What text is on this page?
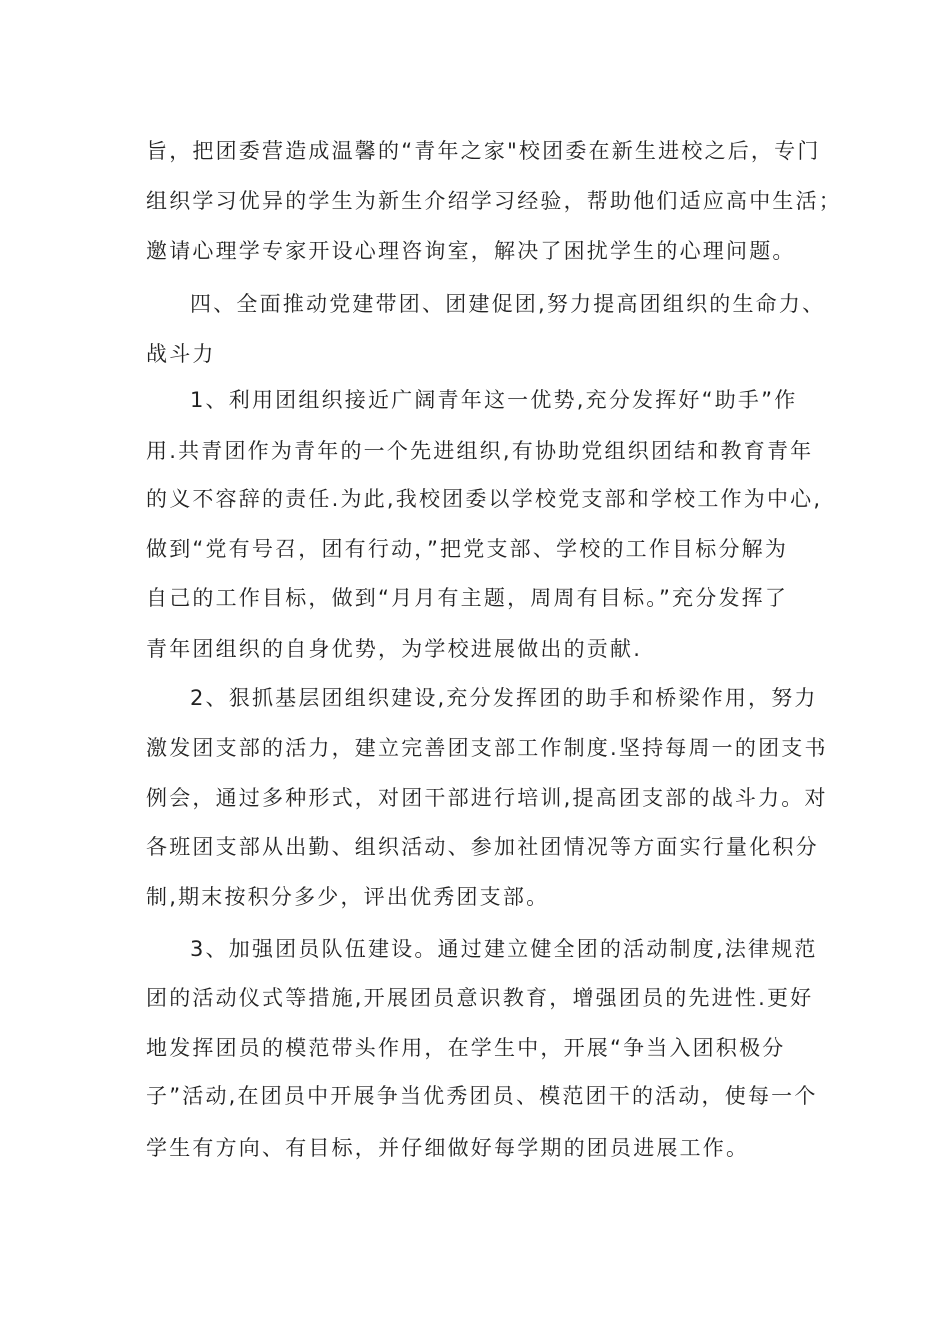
旨，把团委营造成温馨的“青年之家"校团委在新生进校之后，专门
组织学习优异的学生为新生介绍学习经验，帮助他们适应高中生活；
邀请心理学专家开设心理咨询室，解决了困扰学生的心理问题。
四、全面推动党建带团、团建促团,努力提高团组织的生命力、
战斗力
1、利用团组织接近广阔青年这一优势,充分发挥好“助手”作
用.共青团作为青年的一个先进组织,有协助党组织团结和教育青年
的义不容辞的责任.为此,我校团委以学校党支部和学校工作为中心,
做到“党有号召，团有行动，”把党支部、学校的工作目标分解为
自己的工作目标，做到“月月有主题，周周有目标。”充分发挥了
青年团组织的自身优势，为学校进展做出的贡献.
2、狠抓基层团组织建设,充分发挥团的助手和桥梁作用，努力
激发团支部的活力，建立完善团支部工作制度.坚持每周一的团支书
例会，通过多种形式，对团干部进行培训,提高团支部的战斗力。对
各班团支部从出勤、组织活动、参加社团情况等方面实行量化积分
制,期末按积分多少，评出优秀团支部。
3、加强团员队伍建设。通过建立健全团的活动制度,法律规范
团的活动仪式等措施,开展团员意识教育，增强团员的先进性.更好
地发挥团员的模范带头作用，在学生中，开展“争当入团积极分
子”活动,在团员中开展争当优秀团员、模范团干的活动，使每一个
学生有方向、有目标，并仔细做好每学期的团员进展工作。
